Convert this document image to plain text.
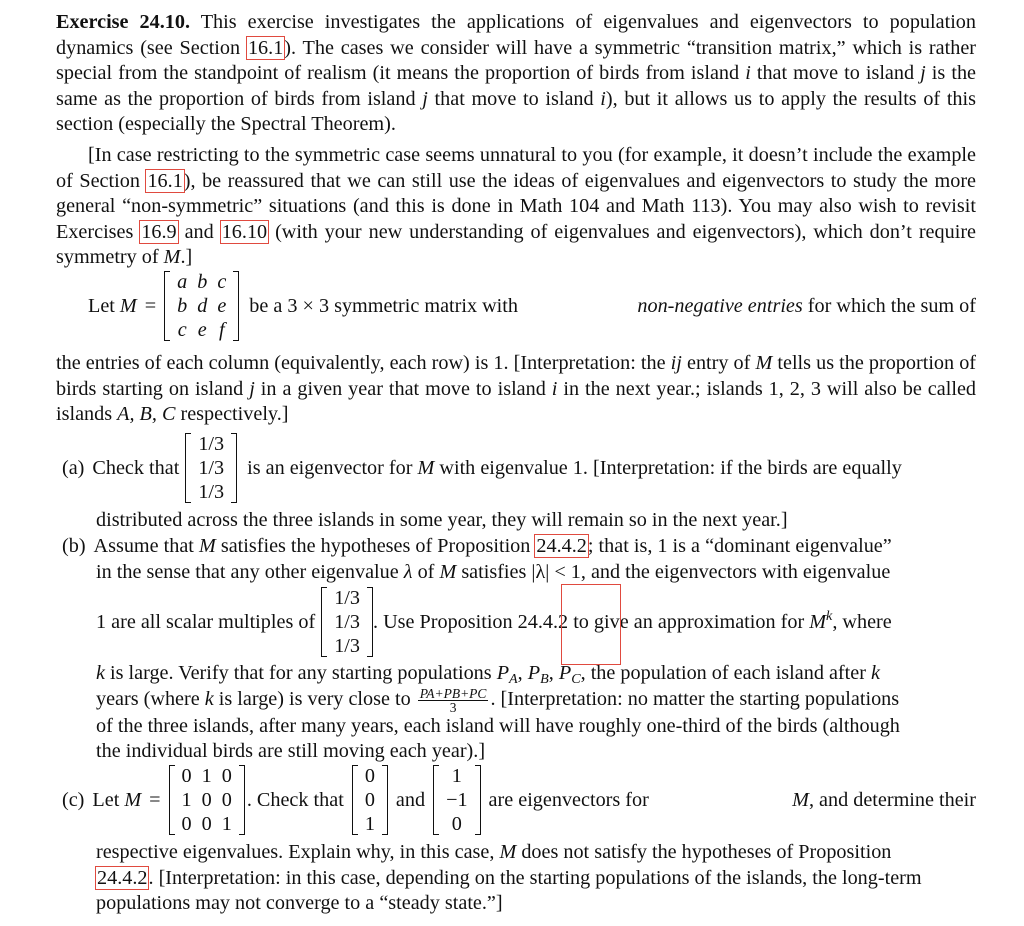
Exercise 24.10. This exercise investigates the applications of eigenvalues and eigenvectors to population dynamics (see Section 16.1). The cases we consider will have a symmetric “transition matrix,” which is rather special from the standpoint of realism (it means the proportion of birds from island i that move to island j is the same as the proportion of birds from island j that move to island i), but it allows us to apply the results of this section (especially the Spectral Theorem).

[In case restricting to the symmetric case seems unnatural to you (for example, it doesn’t include the example of Section 16.1), be reassured that we can still use the ideas of eigenvalues and eigenvectors to study the more general “non-symmetric” situations (and this is done in Math 104 and Math 113). You may also wish to revisit Exercises 16.9 and 16.10 (with your new understanding of eigenvalues and eigenvectors), which don’t require symmetry of M.]

Let M =
a b c
b d e
c e f
be a 3 × 3 symmetric matrix with	non-negative entries for which the sum of

the entries of each column (equivalently, each row) is 1. [Interpretation: the ij entry of M tells us the proportion of birds starting on island j in a given year that move to island i in the next year.; islands 1, 2, 3 will also be called islands A, B, C respectively.]

(a) Check that
1/3
1/3
1/3
is an eigenvector for M with eigenvalue 1. [Interpretation: if the birds are equally

distributed across the three islands in some year, they will remain so in the next year.]

(b) Assume that M satisfies the hypotheses of Proposition 24.4.2; that is, 1 is a “dominant eigenvalue”

in the sense that any other eigenvalue λ of M satisfies |λ| < 1, and the eigenvectors with eigenvalue

1 are all scalar multiples of
1/3
1/3
1/3
. Use Proposition 24.4.2 to give an approximation for $M^k$, where

k is large. Verify that for any starting populations $P_A$, $P_B$, $P_C$, the population of each island after k

years (where k is large) is very close to $\frac{PA+PB+PC}{3}$ . [Interpretation: no matter the starting populations

of the three islands, after many years, each island will have roughly one-third of the birds (although

the individual birds are still moving each year).]

(c) Let M =
0 1 0
1 0 0
0 0 1
. Check that
0
0
1
and
1
−1
0
are eigenvectors for	M, and determine their

respective eigenvalues. Explain why, in this case, M does not satisfy the hypotheses of Proposition

24.4.2. [Interpretation: in this case, depending on the starting populations of the islands, the long-term

populations may not converge to a “steady state.”]
